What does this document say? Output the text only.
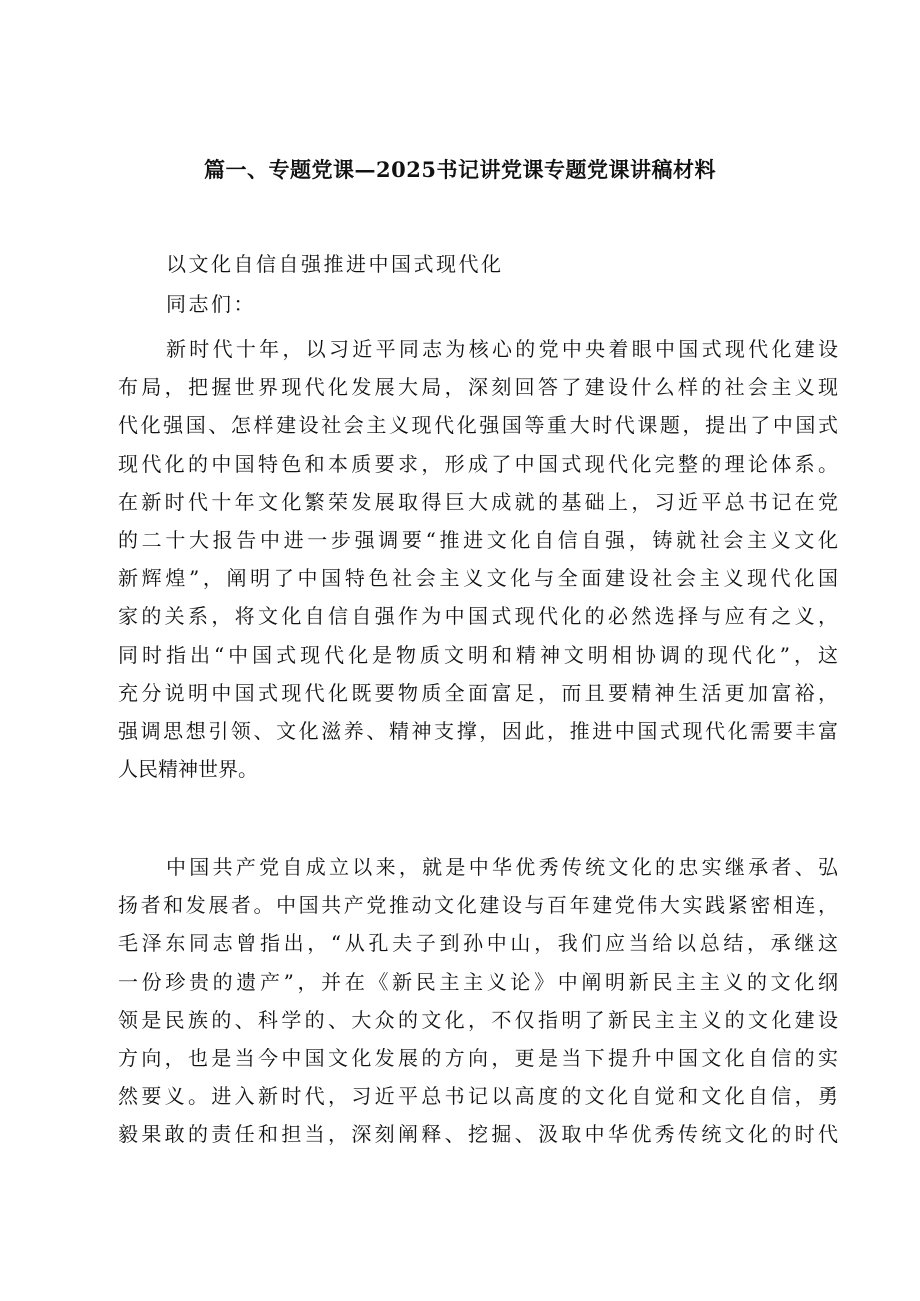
篇一、专题党课—2025书记讲党课专题党课讲稿材料
以文化自信自强推进中国式现代化
同志们：
新时代十年，以习近平同志为核心的党中央着眼中国式现代化建设
布局，把握世界现代化发展大局，深刻回答了建设什么样的社会主义现
代化强国、怎样建设社会主义现代化强国等重大时代课题，提出了中国式
现代化的中国特色和本质要求，形成了中国式现代化完整的理论体系。
在新时代十年文化繁荣发展取得巨大成就的基础上，习近平总书记在党
的二十大报告中进一步强调要“推进文化自信自强，铸就社会主义文化
新辉煌”，阐明了中国特色社会主义文化与全面建设社会主义现代化国
家的关系，将文化自信自强作为中国式现代化的必然选择与应有之义，
同时指出“中国式现代化是物质文明和精神文明相协调的现代化”，这
充分说明中国式现代化既要物质全面富足，而且要精神生活更加富裕，
强调思想引领、文化滋养、精神支撑，因此，推进中国式现代化需要丰富
人民精神世界。
中国共产党自成立以来，就是中华优秀传统文化的忠实继承者、弘
扬者和发展者。中国共产党推动文化建设与百年建党伟大实践紧密相连，
毛泽东同志曾指出，“从孔夫子到孙中山，我们应当给以总结，承继这
一份珍贵的遗产”，并在《新民主主义论》中阐明新民主主义的文化纲
领是民族的、科学的、大众的文化，不仅指明了新民主主义的文化建设
方向，也是当今中国文化发展的方向，更是当下提升中国文化自信的实
然要义。进入新时代，习近平总书记以高度的文化自觉和文化自信，勇
毅果敢的责任和担当，深刻阐释、挖掘、汲取中华优秀传统文化的时代
